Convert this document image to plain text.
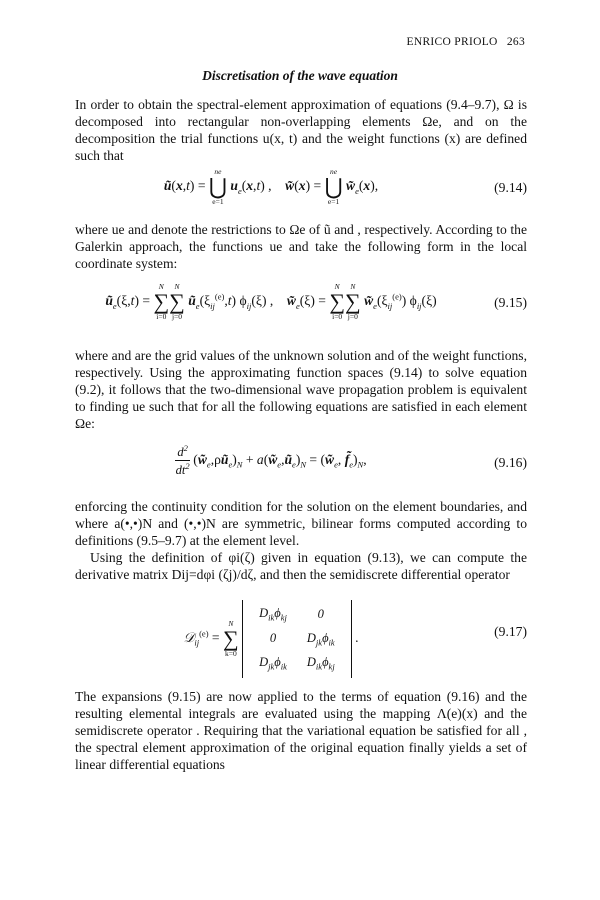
ENRICO PRIOLO 263
Discretisation of the wave equation

In order to obtain the spectral-element approximation of equations (9.4–9.7), Ω is decomposed into rectangular non-overlapping elements Ωe, and on the decomposition the trial functions u(x, t) and the weight functions (x) are defined such that

ũ(x,t) =
ne
⋃
e=1
$u_e(x,t)$ ,    w̃(x) =
ne
⋃
e=1
$w̃_e(x)$,	(9.14)

where ue and denote the restrictions to Ωe of ũ and , respectively. According to the Galerkin approach, the functions ue and take the following form in the local coordinate system:

$ũ_e(\xi,t)$ =
N
∑
i=0
N
∑
j=0
$ũ_e(\xi_{ij}^{(e)},t)$ $\phi_{ij}(\xi)$ ,    $w̃_e(\xi)$ =
N
∑
i=0
N
∑
j=0
$w̃_e(\xi_{ij}^{(e)})$ $\phi_{ij}(\xi)$	(9.15)

where and are the grid values of the unknown solution and of the weight functions, respectively. Using the approximating function spaces (9.14) to solve equation (9.2), it follows that the two-dimensional wave propagation problem is equivalent to finding ue such that for all the following equations are satisfied in each element Ωe:

$\frac{d^2}{dt^2}$ $(w̃_e,\rho ũ_e)_N$ + $a(w̃_e,ũ_e)_N$ = ($w̃_e$, $f̃_e)_N$,	(9.16)

enforcing the continuity condition for the solution on the element boundaries, and where a(•,•)N and (•,•)N are symmetric, bilinear forms computed according to definitions (9.5–9.7) at the element level.

Using the definition of φi(ζ) given in equation (9.13), we can compute the derivative matrix Dij=dφi (ζj)/dζ, and then the semidiscrete differential operator

𝒟$_{ij}^{(e)}$ =
N
∑
k=0

$D_{ik}\phi_{kj}$	0
0	$D_{jk}\phi_{ik}$
$D_{jk}\phi_{ik}$	$D_{ik}\phi_{kj}$
.	(9.17)

The expansions (9.15) are now applied to the terms of equation (9.16) and the resulting elemental integrals are evaluated using the mapping Λ(e)(x) and the semidiscrete operator . Requiring that the variational equation be satisfied for all , the spectral element approximation of the original equation finally yields a set of linear differential equations
